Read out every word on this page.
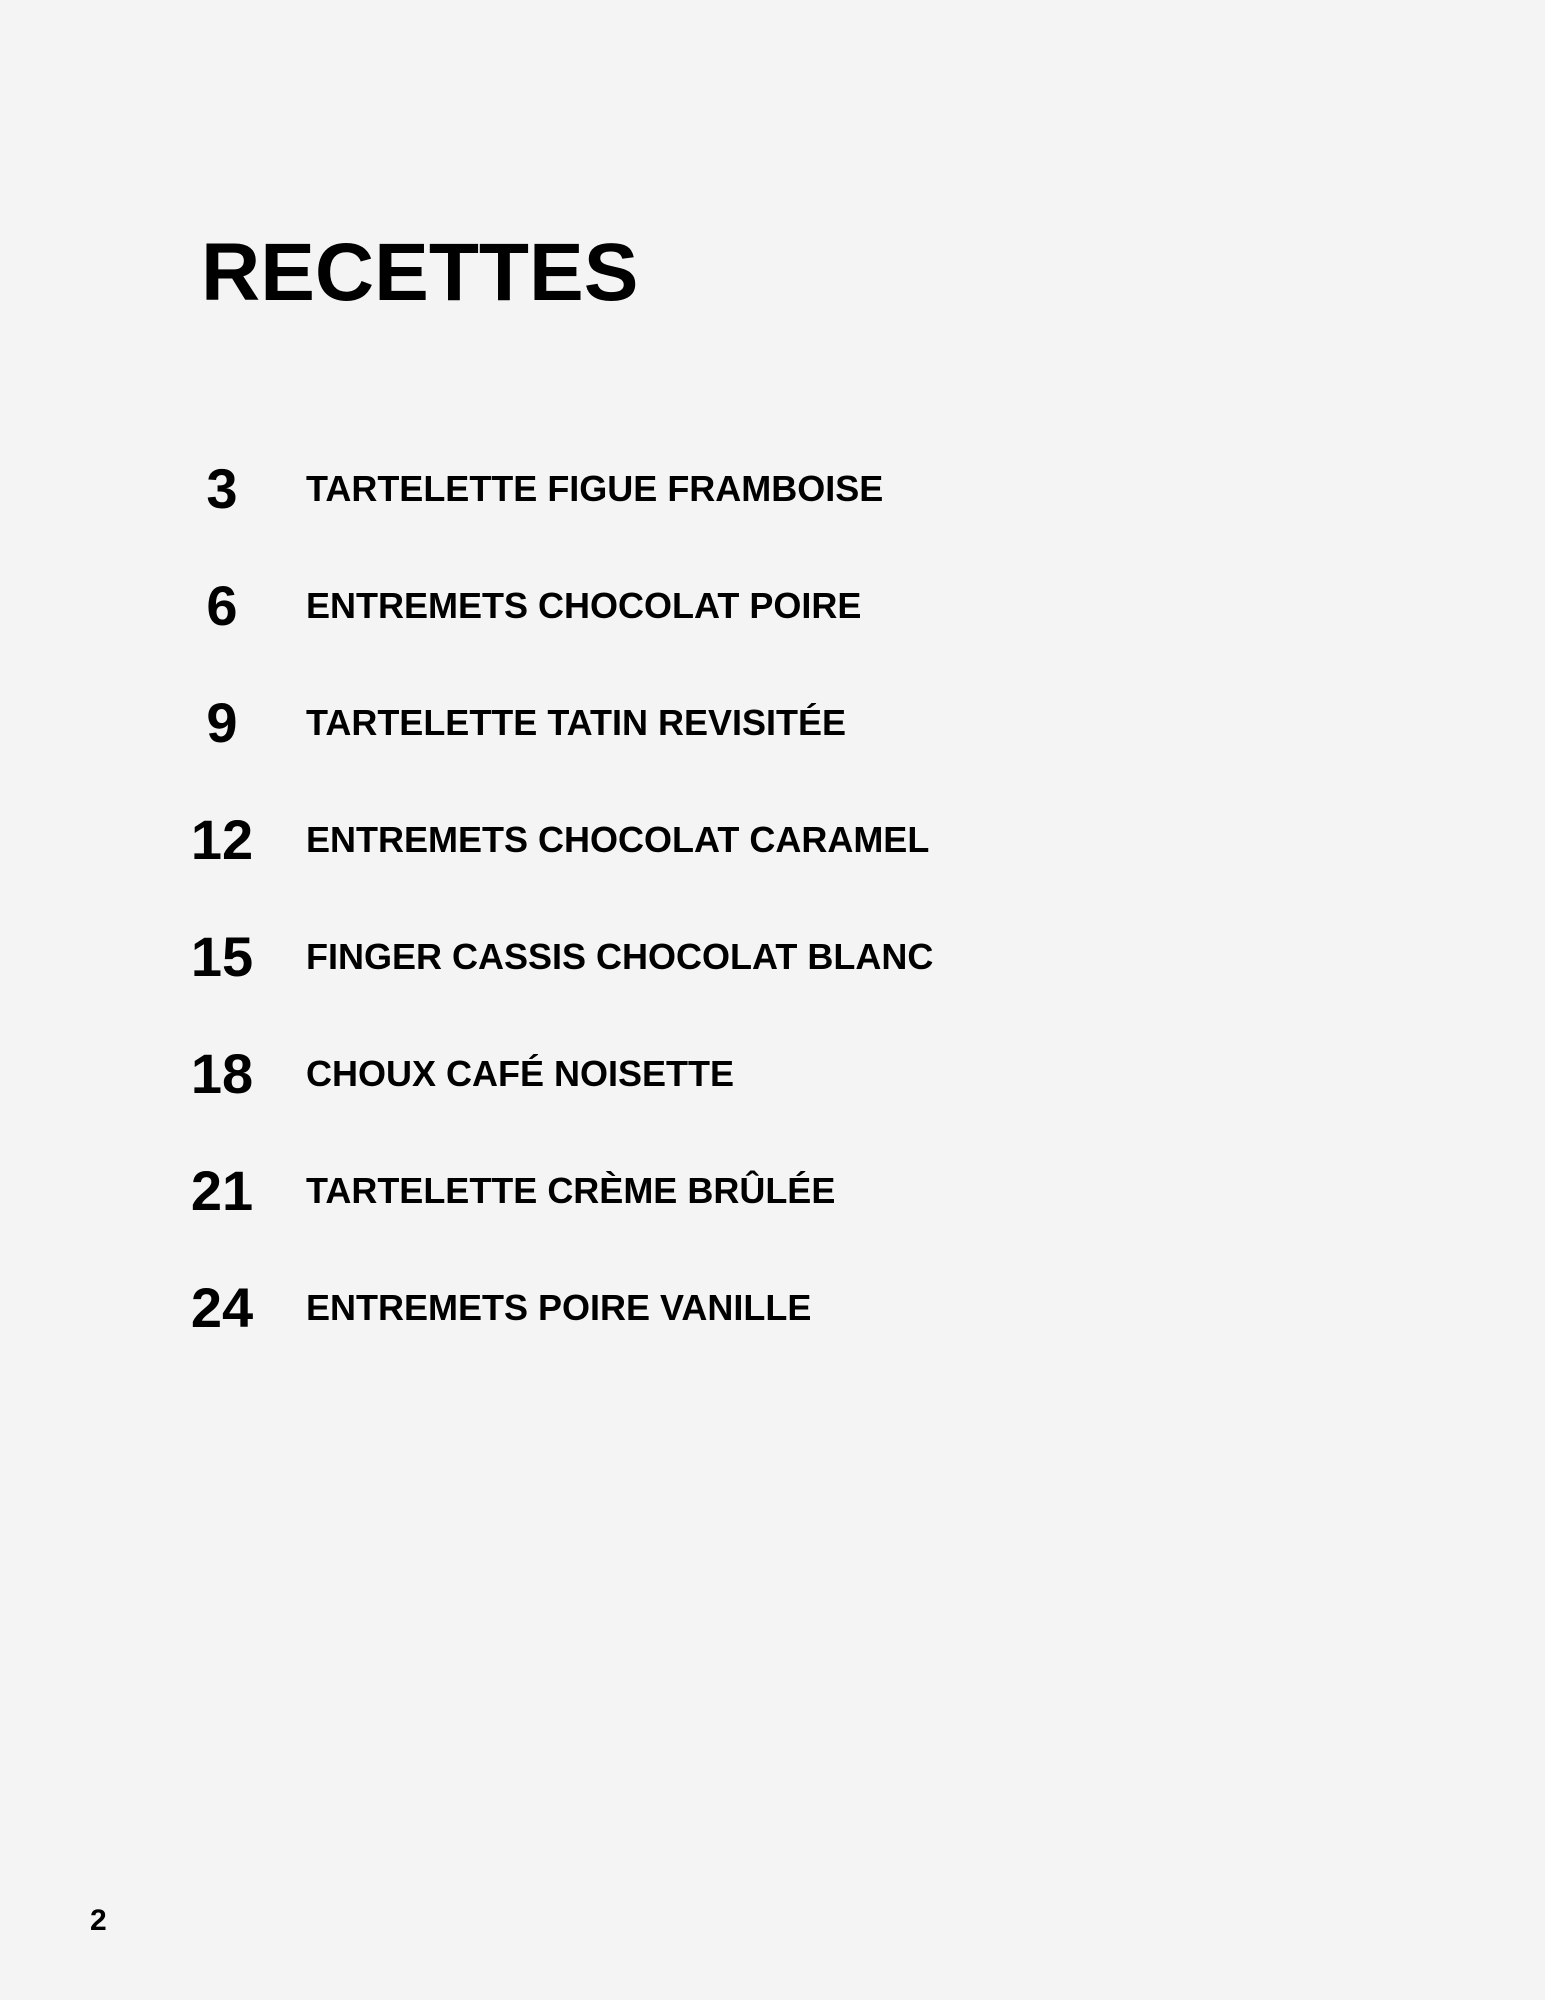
RECETTES
3	TARTELETTE FIGUE FRAMBOISE
6	ENTREMETS CHOCOLAT POIRE
9	TARTELETTE TATIN REVISITÉE
12	ENTREMETS CHOCOLAT CARAMEL
15	FINGER CASSIS CHOCOLAT BLANC
18	CHOUX CAFÉ NOISETTE
21	TARTELETTE CRÈME BRÛLÉE
24	ENTREMETS POIRE VANILLE
2
